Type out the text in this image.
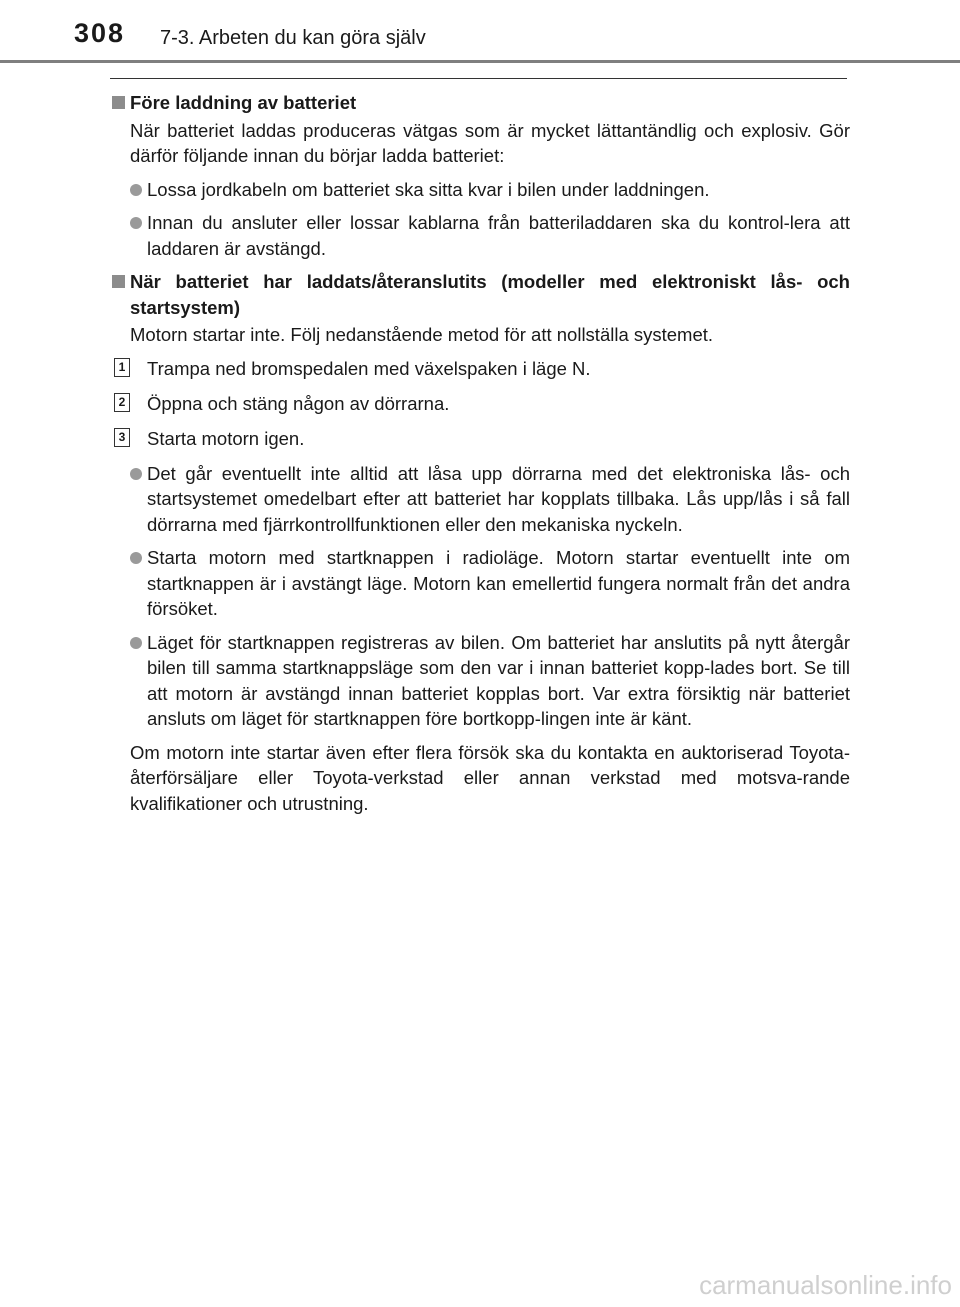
308 7-3. Arbeten du kan göra själv
Före laddning av batteriet

När batteriet laddas produceras vätgas som är mycket lättantändlig och explosiv. Gör därför följande innan du börjar ladda batteriet:

Lossa jordkabeln om batteriet ska sitta kvar i bilen under laddningen.
Innan du ansluter eller lossar kablarna från batteriladdaren ska du kontrol-lera att laddaren är avstängd.
När batteriet har laddats/återanslutits (modeller med elektroniskt lås- och startsystem)

Motorn startar inte. Följ nedanstående metod för att nollställa systemet.

1 Trampa ned bromspedalen med växelspaken i läge N.
2 Öppna och stäng någon av dörrarna.
3 Starta motorn igen.
Det går eventuellt inte alltid att låsa upp dörrarna med det elektroniska lås- och startsystemet omedelbart efter att batteriet har kopplats tillbaka. Lås upp/lås i så fall dörrarna med fjärrkontrollfunktionen eller den mekaniska nyckeln.
Starta motorn med startknappen i radioläge. Motorn startar eventuellt inte om startknappen är i avstängt läge. Motorn kan emellertid fungera normalt från det andra försöket.
Läget för startknappen registreras av bilen. Om batteriet har anslutits på nytt återgår bilen till samma startknappsläge som den var i innan batteriet kopp-lades bort. Se till att motorn är avstängd innan batteriet kopplas bort. Var extra försiktig när batteriet ansluts om läget för startknappen före bortkopp-lingen inte är känt.

Om motorn inte startar även efter flera försök ska du kontakta en auktoriserad Toyota-återförsäljare eller Toyota-verkstad eller annan verkstad med motsva-rande kvalifikationer och utrustning.

carmanualsonline.info
